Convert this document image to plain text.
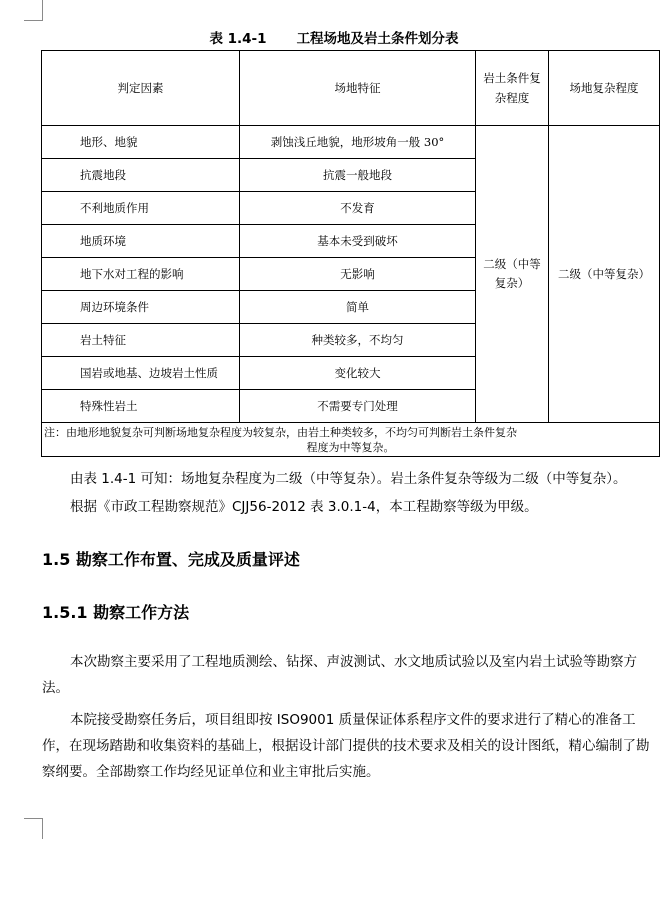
表 1.4-1 工程场地及岩土条件划分表
判定因素	场地特征	岩土条件复杂程度	场地复杂程度
地形、地貌	剥蚀浅丘地貌，地形坡角一般 30°	二级（中等复杂）	二级（中等复杂）
抗震地段	抗震一般地段		
不利地质作用	不发育		
地质环境	基本未受到破坏		
地下水对工程的影响	无影响		
周边环境条件	简单		
岩土特征	种类较多，不均匀		

国岩或地基、边坡岩土性质	变化较大		
特殊性岩土	不需要专门处理		
注：由地形地貌复杂可判断场地复杂程度为较复杂，由岩土种类较多，不均匀可判断岩土条件复杂
程度为中等复杂。			
由表 1.4-1 可知：场地复杂程度为二级（中等复杂）。岩土条件复杂等级为二级（中等复杂）。
根据《市政工程勘察规范》CJJ56-2012 表 3.0.1-4，本工程勘察等级为甲级。
1.5 勘察工作布置、完成及质量评述
1.5.1 勘察工作方法
本次勘察主要采用了工程地质测绘、钻探、声波测试、水文地质试验以及室内岩土试验等勘察方法。
本院接受勘察任务后，项目组即按 ISO9001 质量保证体系程序文件的要求进行了精心的准备工作，在现场踏勘和收集资料的基础上，根据设计部门提供的技术要求及相关的设计图纸，精心编制了勘察纲要。全部勘察工作均经见证单位和业主审批后实施。
